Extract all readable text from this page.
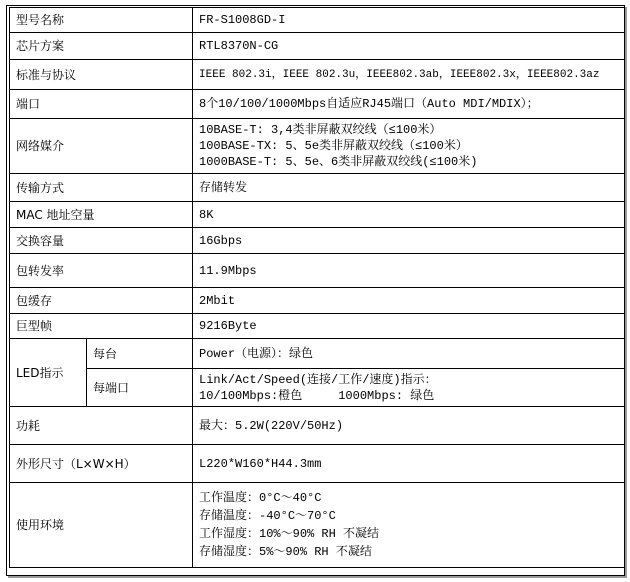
型号名称		FR-S1008GD-I
芯片方案		RTL8370N-CG
标准与协议		IEEE 802.3i，IEEE 802.3u，IEEE802.3ab，IEEE802.3x，IEEE802.3az
端口		8个10/100/1000Mbps自适应RJ45端口（Auto MDI/MDIX）；
网络媒介		10BASE-T: 3,4类非屏蔽双绞线（≤100米）
100BASE-TX: 5、5e类非屏蔽双绞线（≤100米）
1000BASE-T: 5、5e、6类非屏蔽双绞线(≤100米)

传输方式		存储转发
MAC 地址空量		8K
交换容量		16Gbps
包转发率		11.9Mbps
包缓存		2Mbit
巨型帧		9216Byte
LED指示	每台	Power（电源）：绿色
	每端口	Link/Act/Speed(连接/工作/速度)指示：
10/100Mbps:橙色     1000Mbps: 绿色

功耗		最大：5.2W(220V/50Hz)
外形尺寸（L×W×H）		L220*W160*H44.3mm
使用环境		工作温度：0°C～40°C
存储温度：-40°C～70°C
工作湿度：10%～90% RH 不凝结
存储湿度：5%～90% RH 不凝结
